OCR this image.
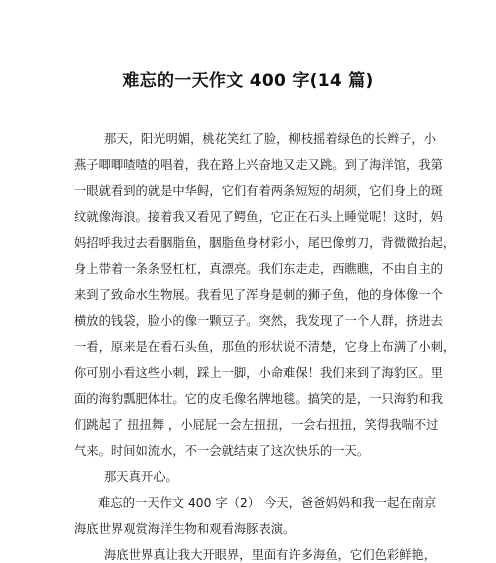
难忘的一天作文 400 字(14 篇)
那天，阳光明媚，桃花笑红了脸，柳枝摇着绿色的长辫子，小
燕子唧唧喳喳的唱着，我在路上兴奋地又走又跳。到了海洋馆，我第
一眼就看到的就是中华鲟，它们有着两条短短的胡须，它们身上的斑
纹就像海浪。接着我又看见了鳄鱼，它正在石头上睡觉呢！这时，妈
妈招呼我过去看胭脂鱼，胭脂鱼身材彩小，尾巴像剪刀，背微微抬起，
身上带着一条条竖杠杠，真漂亮。我们东走走，西瞧瞧，不由自主的
来到了致命水生物展。我看见了浑身是刺的狮子鱼，他的身体像一个
横放的钱袋，脸小的像一颗豆子。突然，我发现了一个人群，挤进去
一看，原来是在看石头鱼，那鱼的形状说不清楚，它身上布满了小刺，
你可别小看这些小刺，踩上一脚，小命难保！我们来到了海豹区。里
面的海豹瓢肥体壮。它的皮毛像名牌地毯。搞笑的是，一只海豹和我
们跳起了 扭扭舞 ，小屁屁一会左扭扭，一会右扭扭，笑得我喘不过
气来。时间如流水，不一会就结束了这次快乐的一天。
那天真开心。
难忘的一天作文 400 字（2） 今天，爸爸妈妈和我一起在南京
海底世界观赏海洋生物和观看海豚表演。
海底世界真让我大开眼界，里面有许多海鱼，它们色彩鲜艳，
